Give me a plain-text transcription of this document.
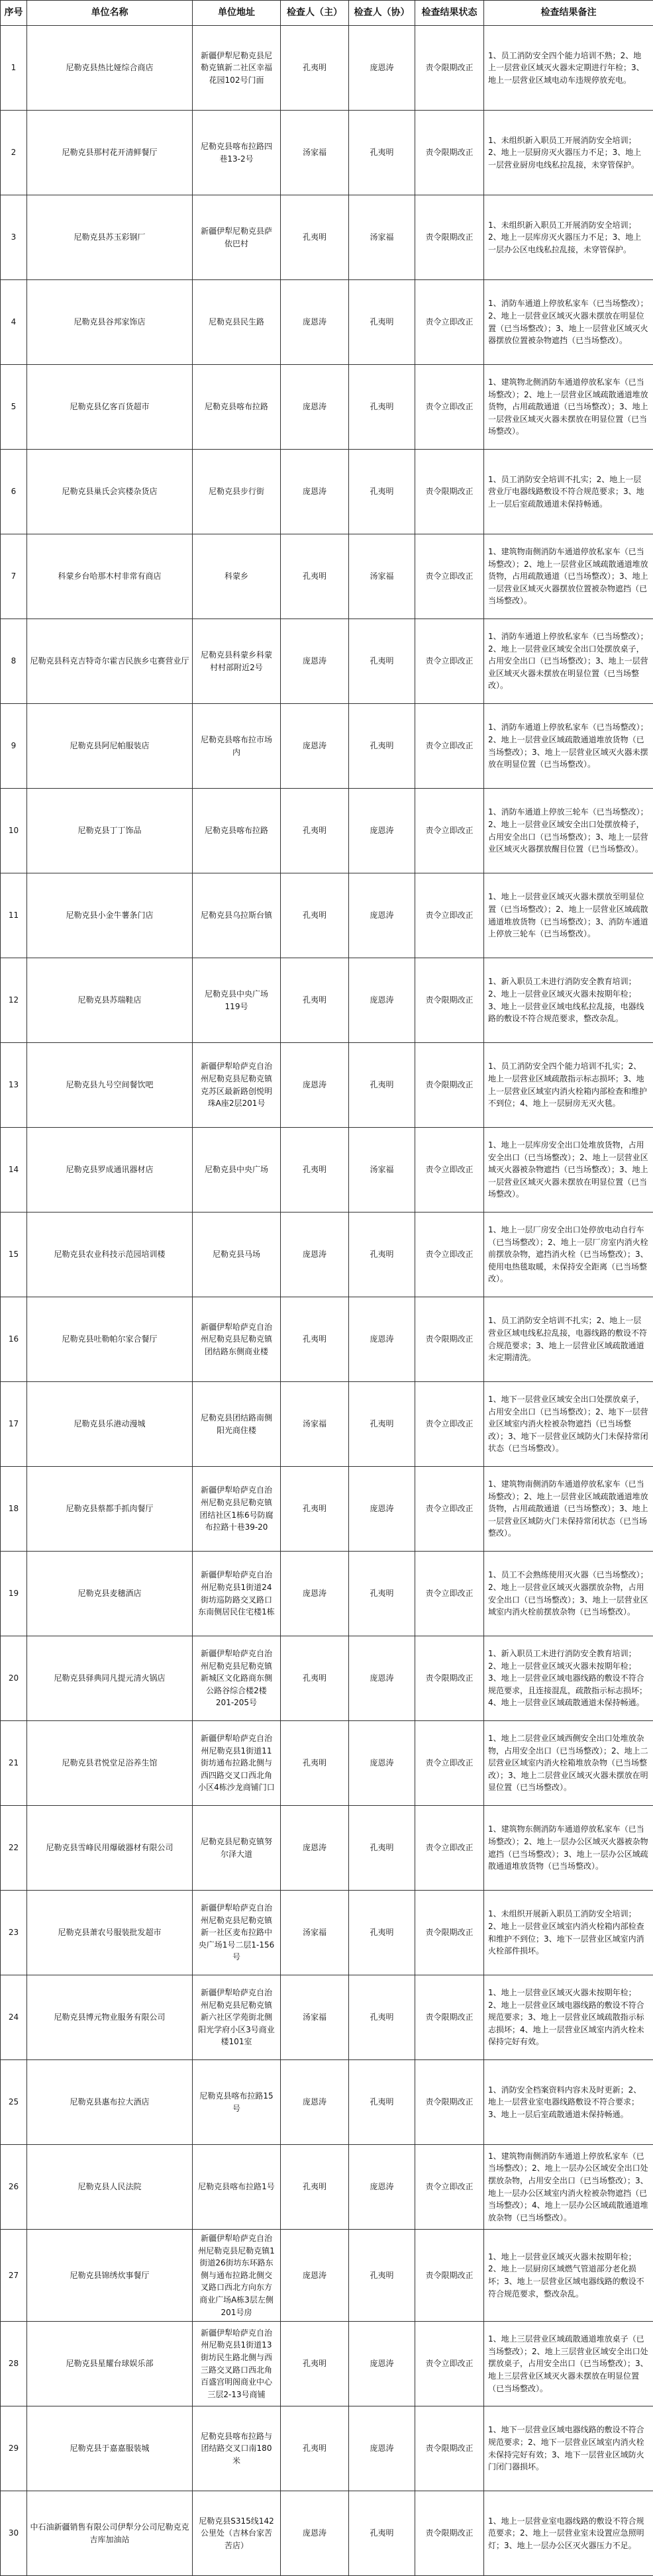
序号	单位名称	单位地址	检查人（主）	检查人（协）	检查结果状态	检查结果备注
1	尼勒克县热比娅综合商店	新疆伊犁尼勒克县尼勒克镇新二社区幸福花园102号门面	孔夷明	庞恩涛	责令限期改正	1、员工消防安全四个能力培训不熟；2、地上一层营业区域灭火器未定期进行年检；3、地上一层营业区域电动车违规停放充电。
2	尼勒克县那村花开清鲜餐厅	尼勒克县喀布拉路四巷13-2号	汤家福	孔夷明	责令限期改正	1、未组织新入职员工开展消防安全培训；2、地上一层厨房灭火器压力不足；3、地上一层营业厨房电线私拉乱接，未穿管保护。
3	尼勒克县苏玉彩钢厂	新疆伊犁尼勒克县萨依巴村	孔夷明	汤家福	责令限期改正	1、未组织新入职员工开展消防安全培训；2、地上一层库房灭火器压力不足；3、地上一层办公区电线私拉乱接，未穿管保护。
4	尼勒克县谷邦家饰店	尼勒克县民生路	庞恩涛	孔夷明	责令立即改正	1、消防车通道上停放私家车（已当场整改）；2、地上一层营业区域灭火器未摆放在明显位置（已当场整改）；3、地上一层营业区域灭火器摆放位置被杂物遮挡（已当场整改）。
5	尼勒克县亿客百货超市	尼勒克县喀布拉路	庞恩涛	孔夷明	责令立即改正	1、建筑物北侧消防车通道停放私家车（已当场整改）；2、地上一层营业区域疏散通道堆放货物，占用疏散通道（已当场整改）；3、地上一层营业区域灭火器未摆放在明显位置（已当场整改）。
6	尼勒克县巢氏会宾楼杂货店	尼勒克县步行街	庞恩涛	孔夷明	责令限期改正	1、员工消防安全培训不扎实；2、地上一层营业厅电器线路敷设不符合规范要求；3、地上一层后室疏散通道未保持畅通。
7	科蒙乡台哈那木村非常有商店	科蒙乡	孔夷明	汤家福	责令立即改正	1、建筑物南侧消防车通道停放私家车（已当场整改）；2、地上一层营业区域疏散通道堆放货物，占用疏散通道（已当场整改）；3、地上一层营业区域灭火器摆放位置被杂物遮挡（已当场整改）。
8	尼勒克县科克吉特奇尔霍吉民族乡屯赛营业厅	尼勒克县科蒙乡科蒙村村部附近2号	庞恩涛	孔夷明	责令立即改正	1、消防车通道上停放私家车（已当场整改）；2、地上一层营业区域安全出口处摆放桌子，占用安全出口（已当场整改）；3、地上一层营业区域灭火器未摆放在明显位置（已当场整改）。
9	尼勒克县阿尼帕服装店	尼勒克县喀布拉市场内	庞恩涛	孔夷明	责令立即改正	1、消防车通道上停放私家车（已当场整改）；2、地上一层营业区域疏散通道堆放货物（已当场整改）；3、地上一层营业区域灭火器未摆放在明显位置（已当场整改）。
10	尼勒克县丁丁饰品	尼勒克县喀布拉路	孔夷明	庞恩涛	责令立即改正	1、消防车通道上停放三轮车（已当场整改）；2、地上一层营业区域安全出口处摆放椅子，占用安全出口（已当场整改）；3、地上一层营业区域灭火器摆放醒目位置（已当场整改）。
11	尼勒克县小金牛薯条门店	尼勒克县乌拉斯台镇	孔夷明	庞恩涛	责令立即改正	1、地上一层营业区域灭火器未摆放至明显位置（已当场整改）；2、地上一层营业区域疏散通道堆放货物（已当场整改）；3、消防车通道上停放三轮车（已当场整改）。
12	尼勒克县苏瑞鞋店	尼勒克县中央广场119号	孔夷明	庞恩涛	责令限期改正	1、新入职员工未进行消防安全教育培训；2、地上一层营业区域灭火器未按期年检；3、地上一层营业区域电线私拉乱接，电器线路的敷设不符合规范要求，整改杂乱。
13	尼勒克县九号空间餐饮吧	新疆伊犁哈萨克自治州尼勒克县尼勒克镇克苏区最新路创悦明珠A座2层201号	庞恩涛	孔夷明	责令限期改正	1、员工消防安全四个能力培训不扎实；2、地上一层营业区域疏散指示标志损坏；3、地上一层营业区域室内消火栓箱内部检查和维护不到位；4、地上一层厨房无灭火毯。
14	尼勒克县罗成通讯器材店	尼勒克县中央广场	孔夷明	汤家福	责令立即改正	1、地上一层库房安全出口处堆放货物，占用安全出口（已当场整改）；2、地上一层营业区域灭火器被杂物遮挡（已当场整改）；3、地上一层营业区域灭火器未摆放在明显位置（已当场整改）。
15	尼勒克县农业科技示范园培训楼	尼勒克县马场	庞恩涛	孔夷明	责令立即改正	1、地上一层厂房安全出口处停放电动自行车（已当场整改）；2、地上一层厂房室内消火栓前摆放杂物，遮挡消火栓（已当场整改）；3、使用电热毯取暖，未保持安全距离（已当场整改）。
16	尼勒克县吐勒帕尔家合餐厅	新疆伊犁哈萨克自治州尼勒克县尼勒克镇团结路东侧商业楼	孔夷明	庞恩涛	责令限期改正	1、员工消防安全培训不扎实；2、地上一层营业区域电线私拉乱接，电器线路的敷设不符合规范要求；3、地上一层营业区域疏散通道未定期清洗。
17	尼勒克县乐港动漫城	尼勒克县团结路南侧阳光商住楼	汤家福	孔夷明	责令立即改正	1、地下一层营业区域安全出口处摆放桌子，占用安全出口（已当场整改）；2、地下一层营业区域室内消火栓被杂物遮挡（已当场整改）；3、地下一层营业区域防火门未保持常闭状态（已当场整改）。
18	尼勒克县蔡都手抓肉餐厅	新疆伊犁哈萨克自治州尼勒克县尼勒克镇团结社区1栋6号防腐布拉路十巷39-20	孔夷明	庞恩涛	责令立即改正	1、建筑物南侧消防车通道停放私家车（已当场整改）；2、地上一层营业区域疏散通道堆放货物，占用疏散通道（已当场整改）；3、地上一层营业区域防火门未保持常闭状态（已当场整改）。
19	尼勒克县麦穗酒店	新疆伊犁哈萨克自治州尼勒克县1街道24街坊巡防路交叉路口东南侧居民住宅楼1栋	庞恩涛	孔夷明	责令立即改正	1、员工不会熟练使用灭火器（已当场整改）；2、地上一层营业区域灭火器摆放杂物，占用安全出口（已当场整改）；3、地上一层营业区域室内消火栓前摆放杂物（已当场整改）。
20	尼勒克县驿典同凡提元清火锅店	新疆伊犁哈萨克自治州尼勒克县尼勒克镇新城区文化路商东侧公路谷综合楼2楼201-205号	孔夷明	庞恩涛	责令限期改正	1、新入职员工未进行消防安全教育培训；2、地上一层营业区域灭火器未按期年检；3、地上一层营业区域电器线路的敷设不符合规范要求，且连接混乱，疏散指示标志损坏；4、地上一层营业区域疏散通道未保持畅通。
21	尼勒克县君悦堂足浴养生馆	新疆伊犁哈萨克自治州尼勒克县1街道11街坊通布拉路北侧与西四路交叉口西北角小区4栋沙龙商铺门口	孔夷明	庞恩涛	责令立即改正	1、地上二层营业区域西侧安全出口处堆放杂物，占用安全出口（已当场整改）；2、地上二层营业区域室内消火栓箱堆放杂物（已当场整改）；3、地上二层营业区域灭火器未摆放在明显位置（已当场整改）。
22	尼勒克县雪峰民用爆破器材有限公司	尼勒克县尼勒克镇努尔泽大道	庞恩涛	孔夷明	责令立即改正	1、建筑物东侧消防车通道停放私家车（已当场整改）；2、地上一层办公区域灭火器被杂物遮挡（已当场整改）；3、地上一层办公区域疏散通道堆放货物（已当场整改）。
23	尼勒克县萧农号服装批发超市	新疆伊犁哈萨克自治州尼勒克县尼勒克镇新一社区麦布拉路中央广场1号二层1-156号	汤家福	孔夷明	责令限期改正	1、未组织开展新入职员工消防安全培训；2、地上一层营业区域室内消火栓箱内部检查和维护不到位；3、地下一层营业区域室内消火栓部件损坏。
24	尼勒克县博元物业服务有限公司	新疆伊犁哈萨克自治州尼勒克县尼勒克镇新六社区学苑街北侧阳光学府小区3号商业楼101室	汤家福	孔夷明	责令限期改正	1、地上一层营业区域灭火器未按期年检；2、地上一层营业区域电器线路的敷设不符合规范要求；3、地上一层营业区域疏散指示标志损坏；4、地上一层营业区域室内消火栓未保持完好有效。
25	尼勒克县惠布拉大酒店	尼勒克县喀布拉路15号	庞恩涛	孔夷明	责令限期改正	1、消防安全档案资料内容未及时更新；2、地上一层营业室电器线路敷设不符合要求；3、地上一层后室疏散通道未保持畅通。
26	尼勒克县人民法院	尼勒克县喀布拉路1号	孔夷明	庞恩涛	责令立即改正	1、建筑物南侧消防车通道上停放私家车（已当场整改）；2、地上一层办公区域安全出口处摆放杂物，占用安全出口（已当场整改）；3、地上一层办公区域室内消火栓被杂物遮挡（已当场整改）；4、地上一层办公区域疏散通道堆放杂物（已当场整改）。
27	尼勒克县锦绣炊事餐厅	新疆伊犁哈萨克自治州尼勒克县尼勒克镇1街道26街坊东环路东侧与通布拉路北侧交叉路口西北方向东方商业广场A栋3层左侧201号房	庞恩涛	孔夷明	责令限期改正	1、地上一层营业区域灭火器未按期年检；2、地上一层厨房区域燃气管道部分老化损坏；3、地上一层营业区域电器线路的敷设不符合规范要求，整改杂乱。
28	尼勒克县星耀台球娱乐部	新疆伊犁哈萨克自治州尼勒克县1街道13街坊民生路北侧与西三路交叉路口西北角百盛宫明阁商业中心三层2-13号商铺	孔夷明	庞恩涛	责令立即改正	1、地上三层营业区域疏散通道堆放桌子（已当场整改）；2、地上三层营业区域安全出口处摆放桌子，占用安全出口（已当场整改）；3、地上三层营业区域灭火器未摆放在明显位置（已当场整改）。
29	尼勒克县于嘉嘉服装城	尼勒克县喀布拉路与团结路交叉口南180米	孔夷明	庞恩涛	责令限期改正	1、地下一层营业区域电器线路的敷设不符合规范要求；2、地下一层营业区域室内消火栓未保持完好有效；3、地下一层营业区域防火门闭门器损坏。
30	中石油新疆销售有限公司伊犁分公司尼勒克克吉库加油站	尼勒克县S315线142公里处（吉林台家苦苦店）	庞恩涛	孔夷明	责令限期改正	1、地上一层营业室电器线路的敷设不符合规范要求；2、地上一层营业室未设置应急照明灯；3、地上一层办公区灭火器压力不足。
